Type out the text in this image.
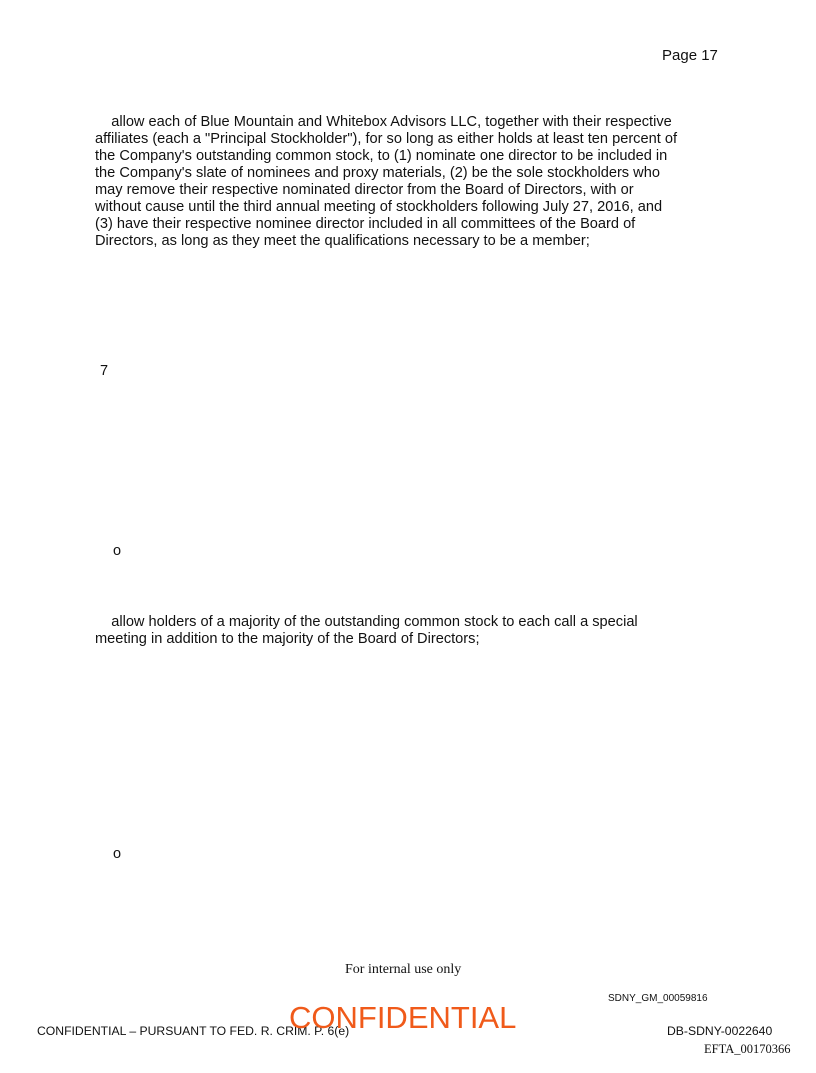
Page 17

allow each of Blue Mountain and Whitebox Advisors LLC, together with their respective

affiliates (each a "Principal Stockholder"), for so long as either holds at least ten percent of

the Company's outstanding common stock, to (1) nominate one director to be included in

the Company's slate of nominees and proxy materials, (2) be the sole stockholders who

may remove their respective nominated director from the Board of Directors, with or

without cause until the third annual meeting of stockholders following July 27, 2016, and

(3) have their respective nominee director included in all committees of the Board of

Directors, as long as they meet the qualifications necessary to be a member;

7
o

allow holders of a majority of the outstanding common stock to each call a special

meeting in addition to the majority of the Board of Directors;

o
For internal use only
SDNY_GM_00059816
CONFIDENTIAL – PURSUANT TO FED. R. CRIM. P. 6(e)
CONFIDENTIAL	DB-SDNY-0022640
EFTA_00170366
